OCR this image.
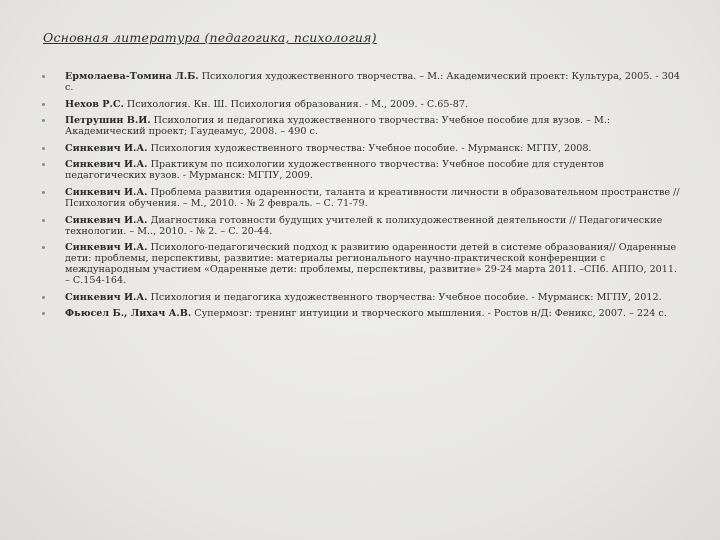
Основная литература (педагогика, психология)
Ермолаева-Томина Л.Б. Психология художественного творчества. – М.: Академический проект: Культура, 2005. - 304 с.
Нехов Р.С. Психология. Кн. Ш. Психология образования. - М., 2009. - С.65-87.
Петрушин В.И. Психология и педагогика художественного творчества: Учебное пособие для вузов. – М.: Академический проект; Гаудеамус, 2008. – 490 с.
Синкевич И.А. Психология художественного творчества: Учебное пособие. - Мурманск: МГПУ, 2008.
Синкевич И.А. Практикум по психологии художественного творчества: Учебное пособие для студентов педагогических вузов. - Мурманск: МГПУ, 2009.
Синкевич И.А. Проблема развития одаренности, таланта и креативности личности в образовательном пространстве // Психология обучения. – М., 2010. - № 2 февраль. – С. 71-79.
Синкевич И.А. Диагностика готовности будущих учителей к полихудожественной деятельности // Педагогические технологии. – М.., 2010. - № 2. – С. 20-44.
Синкевич И.А. Психолого-педагогический подход к развитию одаренности детей в системе образования// Одаренные дети: проблемы, перспективы, развитие: материалы регионального научно-практической конференции с международным участием «Одаренные дети: проблемы, перспективы, развитие» 29-24 марта 2011. –СПб. АППО, 2011. – С.154-164.
Синкевич И.А. Психология и педагогика художественного творчества: Учебное пособие. - Мурманск: МГПУ, 2012.
Фьюсел Б., Лихач А.В. Супермозг: тренинг интуиции и творческого мышления. - Ростов н/Д: Феникс, 2007. – 224 с.
